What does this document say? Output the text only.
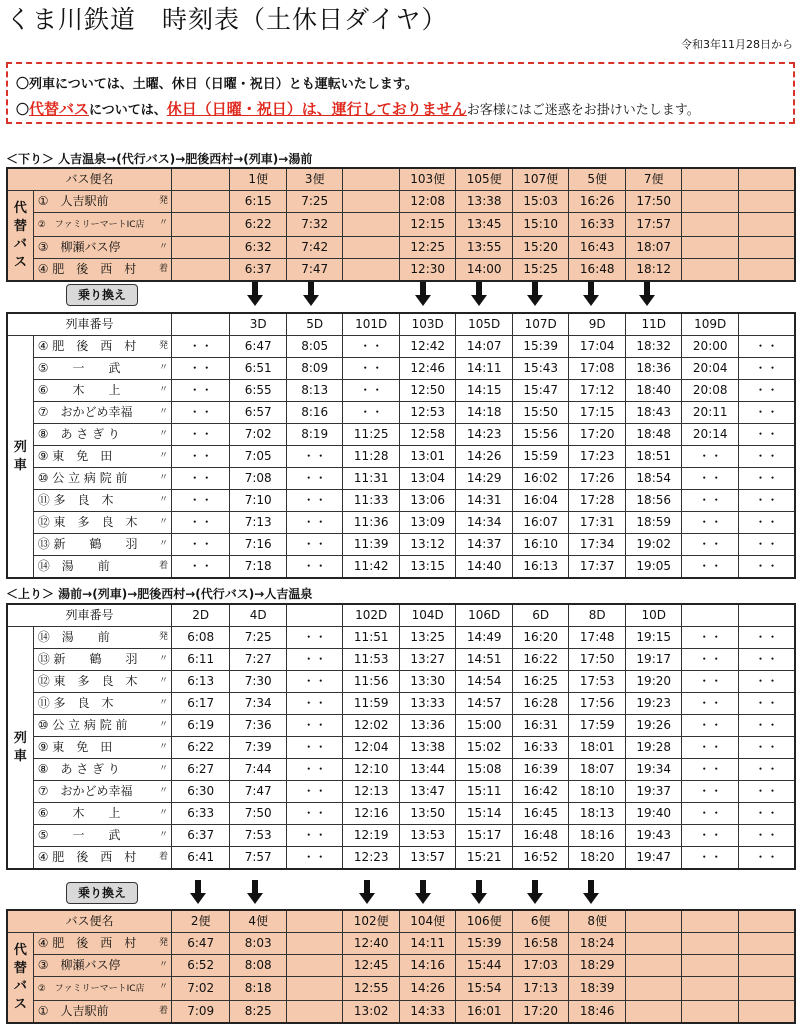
くま川鉄道　時刻表（土休日ダイヤ）
令和3年11月28日から
〇列車については、土曜、休日（日曜・祝日）とも運転いたします。
〇代替バスについては、休日（日曜・祝日）は、運行しておりませんお客様にはご迷惑をお掛けいたします。
＜下り＞ 人吉温泉→(代行バス)→肥後西村→(列車)→湯前
バス便名			1便	3便		103便	105便	107便	5便	7便		
代替バス	①　人吉駅前 発		6:15	7:25		12:08	13:38	15:03	16:26	17:50		
	②　ファミリーマートIC店 〃		6:22	7:32		12:15	13:45	15:10	16:33	17:57		
	③　柳瀬バス停 〃		6:32	7:42		12:25	13:55	15:20	16:43	18:07		
	④ 肥　後　西　村 着		6:37	7:47		12:30	14:00	15:25	16:48	18:12		
乗り換え
列車番号			3D	5D	101D	103D	105D	107D	9D	11D	109D	
列車	④ 肥　後　西　村 発	・・	6:47	8:05	・・	12:42	14:07	15:39	17:04	18:32	20:00	・・
	⑤　　一　　武 〃	・・	6:51	8:09	・・	12:46	14:11	15:43	17:08	18:36	20:04	・・
	⑥　　木　　上 〃	・・	6:55	8:13	・・	12:50	14:15	15:47	17:12	18:40	20:08	・・
	⑦　おかどめ幸福 〃	・・	6:57	8:16	・・	12:53	14:18	15:50	17:15	18:43	20:11	・・
	⑧　あ さ ぎ り 〃	・・	7:02	8:19	11:25	12:58	14:23	15:56	17:20	18:48	20:14	・・
	⑨ 東　免　田 〃	・・	7:05	・・	11:28	13:01	14:26	15:59	17:23	18:51	・・	・・
	⑩ 公 立 病 院 前 〃	・・	7:08	・・	11:31	13:04	14:29	16:02	17:26	18:54	・・	・・
	⑪ 多　良　木 〃	・・	7:10	・・	11:33	13:06	14:31	16:04	17:28	18:56	・・	・・
	⑫ 東　多　良　木 〃	・・	7:13	・・	11:36	13:09	14:34	16:07	17:31	18:59	・・	・・
	⑬ 新　　鶴　　羽 〃	・・	7:16	・・	11:39	13:12	14:37	16:10	17:34	19:02	・・	・・
	⑭　湯　　前 着	・・	7:18	・・	11:42	13:15	14:40	16:13	17:37	19:05	・・	・・
＜上り＞ 湯前→(列車)→肥後西村→(代行バス)→人吉温泉
列車番号		2D	4D		102D	104D	106D	6D	8D	10D		
列車	⑭　湯　　前 発	6:08	7:25	・・	11:51	13:25	14:49	16:20	17:48	19:15	・・	・・
	⑬ 新　　鶴　　羽 〃	6:11	7:27	・・	11:53	13:27	14:51	16:22	17:50	19:17	・・	・・
	⑫ 東　多　良　木 〃	6:13	7:30	・・	11:56	13:30	14:54	16:25	17:53	19:20	・・	・・
	⑪ 多　良　木 〃	6:17	7:34	・・	11:59	13:33	14:57	16:28	17:56	19:23	・・	・・
	⑩ 公 立 病 院 前 〃	6:19	7:36	・・	12:02	13:36	15:00	16:31	17:59	19:26	・・	・・
	⑨ 東　免　田 〃	6:22	7:39	・・	12:04	13:38	15:02	16:33	18:01	19:28	・・	・・
	⑧　あ さ ぎ り 〃	6:27	7:44	・・	12:10	13:44	15:08	16:39	18:07	19:34	・・	・・
	⑦　おかどめ幸福 〃	6:30	7:47	・・	12:13	13:47	15:11	16:42	18:10	19:37	・・	・・
	⑥　　木　　上 〃	6:33	7:50	・・	12:16	13:50	15:14	16:45	18:13	19:40	・・	・・
	⑤　　一　　武 〃	6:37	7:53	・・	12:19	13:53	15:17	16:48	18:16	19:43	・・	・・
	④ 肥　後　西　村 着	6:41	7:57	・・	12:23	13:57	15:21	16:52	18:20	19:47	・・	・・
乗り換え
バス便名		2便	4便		102便	104便	106便	6便	8便			
代替バス	④ 肥　後　西　村 発	6:47	8:03		12:40	14:11	15:39	16:58	18:24			
	③　柳瀬バス停 〃	6:52	8:08		12:45	14:16	15:44	17:03	18:29			
	②　ファミリーマートIC店 〃	7:02	8:18		12:55	14:26	15:54	17:13	18:39			
	①　人吉駅前 着	7:09	8:25		13:02	14:33	16:01	17:20	18:46			
